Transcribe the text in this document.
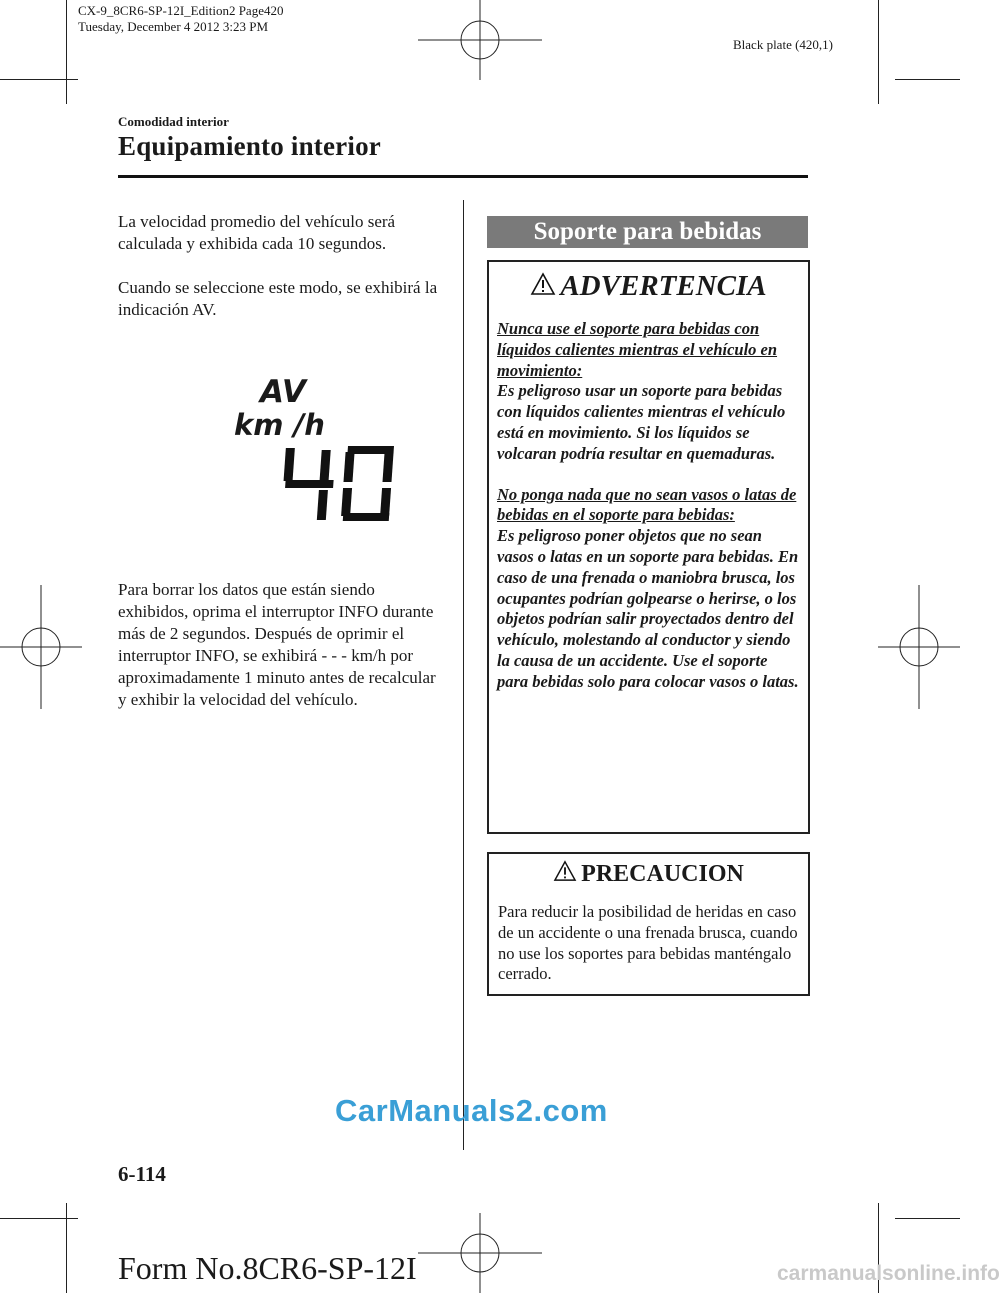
CX-9_8CR6-SP-12I_Edition2 Page420
Tuesday, December 4 2012 3:23 PM
Black plate (420,1)
Comodidad interior
Equipamiento interior
La velocidad promedio del vehículo será calculada y exhibida cada 10 segundos.
Cuando se seleccione este modo, se exhibirá la indicación AV.
AV
km /h
Para borrar los datos que están siendo exhibidos, oprima el interruptor INFO durante más de 2 segundos. Después de oprimir el interruptor INFO, se exhibirá - - - km/h por aproximadamente 1 minuto antes de recalcular y exhibir la velocidad del vehículo.
Soporte para bebidas
ADVERTENCIA
Nunca use el soporte para bebidas con líquidos calientes mientras el vehículo en movimiento:
Es peligroso usar un soporte para bebidas con líquidos calientes mientras el vehículo está en movimiento. Si los líquidos se volcaran podría resultar en quemaduras.
No ponga nada que no sean vasos o latas de bebidas en el soporte para bebidas:
Es peligroso poner objetos que no sean vasos o latas en un soporte para bebidas. En caso de una frenada o maniobra brusca, los ocupantes podrían golpearse o herirse, o los objetos podrían salir proyectados dentro del vehículo, molestando al conductor y siendo la causa de un accidente. Use el soporte para bebidas solo para colocar vasos o latas.
PRECAUCION
Para reducir la posibilidad de heridas en caso de un accidente o una frenada brusca, cuando no use los soportes para bebidas manténgalo cerrado.
6-114
Form No.8CR6-SP-12I
CarManuals2.com
carmanualsonline.info
